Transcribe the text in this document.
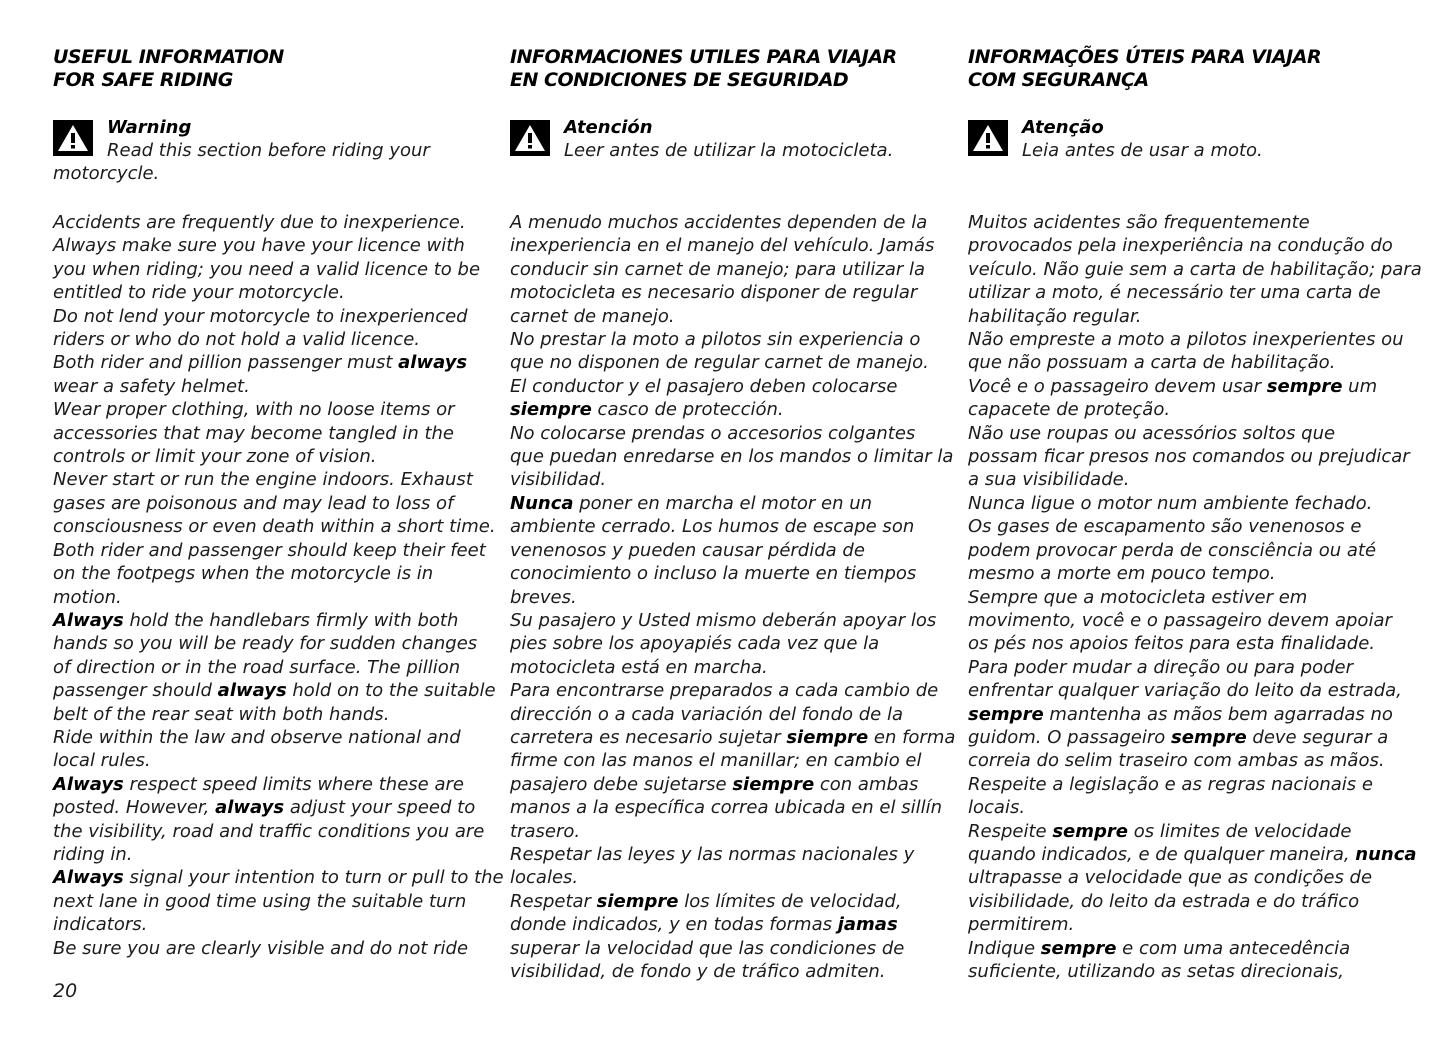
USEFUL INFORMATION
FOR SAFE RIDING
Warning
Read this section before riding your
motorcycle.
Accidents are frequently due to inexperience.
Always make sure you have your licence with
you when riding; you need a valid licence to be
entitled to ride your motorcycle.
Do not lend your motorcycle to inexperienced
riders or who do not hold a valid licence.
Both rider and pillion passenger must always
wear a safety helmet.
Wear proper clothing, with no loose items or
accessories that may become tangled in the
controls or limit your zone of vision.
Never start or run the engine indoors. Exhaust
gases are poisonous and may lead to loss of
consciousness or even death within a short time.
Both rider and passenger should keep their feet
on the footpegs when the motorcycle is in
motion.
Always hold the handlebars firmly with both
hands so you will be ready for sudden changes
of direction or in the road surface. The pillion
passenger should always hold on to the suitable
belt of the rear seat with both hands.
Ride within the law and observe national and
local rules.
Always respect speed limits where these are
posted. However, always adjust your speed to
the visibility, road and traffic conditions you are
riding in.
Always signal your intention to turn or pull to the
next lane in good time using the suitable turn
indicators.
Be sure you are clearly visible and do not ride
INFORMACIONES UTILES PARA VIAJAR
EN CONDICIONES DE SEGURIDAD
Atención
Leer antes de utilizar la motocicleta.
A menudo muchos accidentes dependen de la
inexperiencia en el manejo del vehículo. Jamás
conducir sin carnet de manejo; para utilizar la
motocicleta es necesario disponer de regular
carnet de manejo.
No prestar la moto a pilotos sin experiencia o
que no disponen de regular carnet de manejo.
El conductor y el pasajero deben colocarse
siempre casco de protección.
No colocarse prendas o accesorios colgantes
que puedan enredarse en los mandos o limitar la
visibilidad.
Nunca poner en marcha el motor en un
ambiente cerrado. Los humos de escape son
venenosos y pueden causar pérdida de
conocimiento o incluso la muerte en tiempos
breves.
Su pasajero y Usted mismo deberán apoyar los
pies sobre los apoyapiés cada vez que la
motocicleta está en marcha.
Para encontrarse preparados a cada cambio de
dirección o a cada variación del fondo de la
carretera es necesario sujetar siempre en forma
firme con las manos el manillar; en cambio el
pasajero debe sujetarse siempre con ambas
manos a la específica correa ubicada en el sillín
trasero.
Respetar las leyes y las normas nacionales y
locales.
Respetar siempre los límites de velocidad,
donde indicados, y en todas formas jamas
superar la velocidad que las condiciones de
visibilidad, de fondo y de tráfico admiten.
INFORMAÇÕES ÚTEIS PARA VIAJAR
COM SEGURANÇA
Atenção
Leia antes de usar a moto.
Muitos acidentes são frequentemente
provocados pela inexperiência na condução do
veículo. Não guie sem a carta de habilitação; para
utilizar a moto, é necessário ter uma carta de
habilitação regular.
Não empreste a moto a pilotos inexperientes ou
que não possuam a carta de habilitação.
Você e o passageiro devem usar sempre um
capacete de proteção.
Não use roupas ou acessórios soltos que
possam ficar presos nos comandos ou prejudicar
a sua visibilidade.
Nunca ligue o motor num ambiente fechado.
Os gases de escapamento são venenosos e
podem provocar perda de consciência ou até
mesmo a morte em pouco tempo.
Sempre que a motocicleta estiver em
movimento, você e o passageiro devem apoiar
os pés nos apoios feitos para esta finalidade.
Para poder mudar a direção ou para poder
enfrentar qualquer variação do leito da estrada,
sempre mantenha as mãos bem agarradas no
guidom. O passageiro sempre deve segurar a
correia do selim traseiro com ambas as mãos.
Respeite a legislação e as regras nacionais e
locais.
Respeite sempre os limites de velocidade
quando indicados, e de qualquer maneira, nunca
ultrapasse a velocidade que as condições de
visibilidade, do leito da estrada e do tráfico
permitirem.
Indique sempre e com uma antecedência
suficiente, utilizando as setas direcionais,
20
